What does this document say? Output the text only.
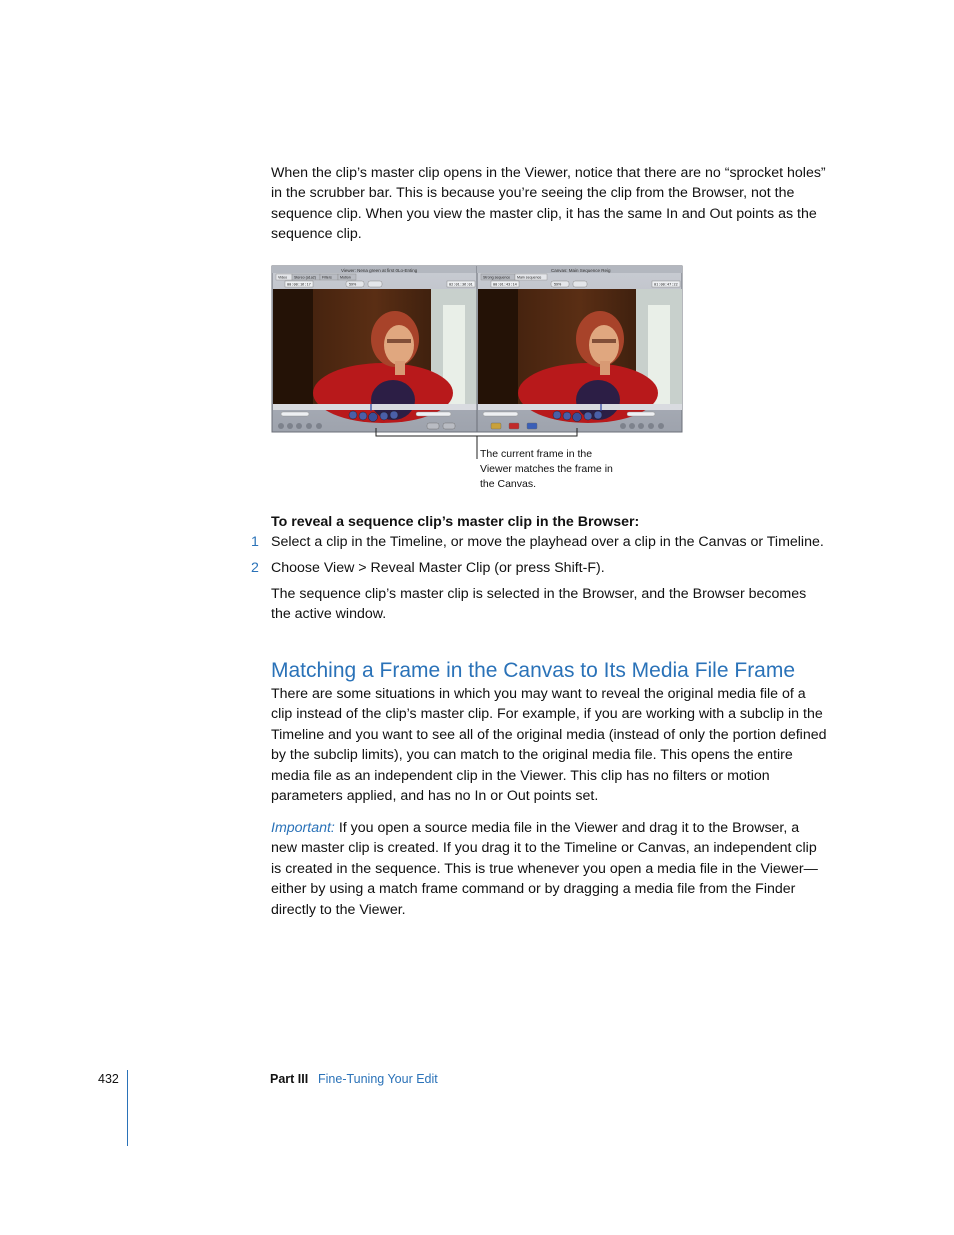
When the clip’s master clip opens in the Viewer, notice that there are no “sprocket holes” in the scrubber bar. This is because you’re seeing the clip from the Browser, not the sequence clip. When you view the master clip, it has the same In and Out points as the sequence clip.

Viewer: Nena green at first 0Lo-Enting
Video Stereo (a1a2) Filters Motion
00:00:16:17	59%	02:01:36:01
Canvas: Main Sequence Reig
Strong sequence Main sequence
00:01:43:14	59%	01:00:47:22
The current frame in the Viewer matches the frame in the Canvas.
To reveal a sequence clip’s master clip in the Browser:
1 Select a clip in the Timeline, or move the playhead over a clip in the Canvas or Timeline.
2 Choose View > Reveal Master Clip (or press Shift-F).

The sequence clip’s master clip is selected in the Browser, and the Browser becomes the active window.

Matching a Frame in the Canvas to Its Media File Frame

There are some situations in which you may want to reveal the original media file of a clip instead of the clip’s master clip. For example, if you are working with a subclip in the Timeline and you want to see all of the original media (instead of only the portion defined by the subclip limits), you can match to the original media file. This opens the entire media file as an independent clip in the Viewer. This clip has no filters or motion parameters applied, and has no In or Out points set.

Important: If you open a source media file in the Viewer and drag it to the Browser, a new master clip is created. If you drag it to the Timeline or Canvas, an independent clip is created in the sequence. This is true whenever you open a media file in the Viewer—either by using a match frame command or by dragging a media file from the Finder directly to the Viewer.

432	Part III Fine-Tuning Your Edit
